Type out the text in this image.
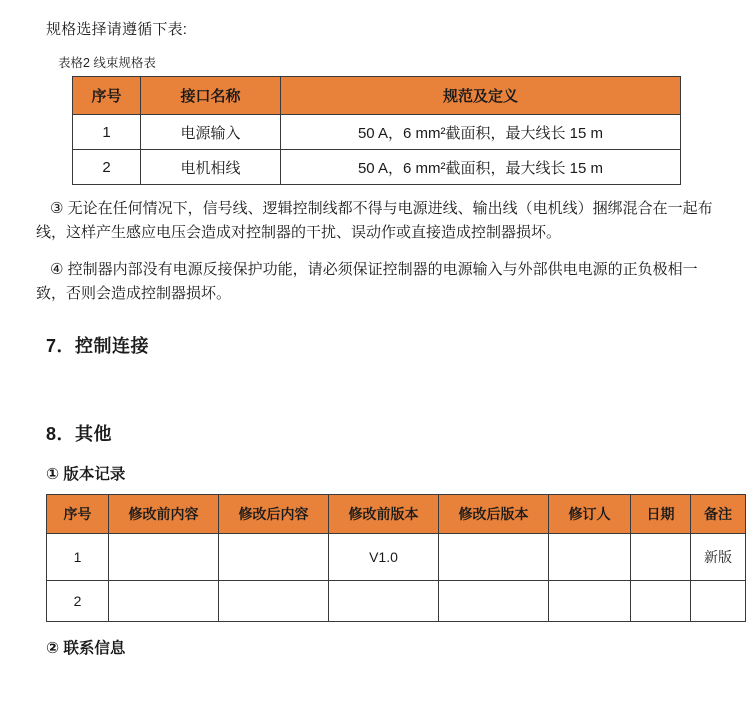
规格选择请遵循下表:

表格2 线束规格表
序号	接口名称	规范及定义
1	电源输入	50 A，6 mm²截面积，最大线长 15 m
2	电机相线	50 A，6 mm²截面积，最大线长 15 m

③ 无论在任何情况下，信号线、逻辑控制线都不得与电源进线、输出线（电机线）捆绑混合在一起布线，这样产生感应电压会造成对控制器的干扰、误动作或直接造成控制器损坏。

④ 控制器内部没有电源反接保护功能，请必须保证控制器的电源输入与外部供电电源的正负极相一致，否则会造成控制器损坏。

7．控制连接
8．其他
① 版本记录
序号	修改前内容	修改后内容	修改前版本	修改后版本	修订人	日期	备注
1			V1.0				新版
2							
② 联系信息
